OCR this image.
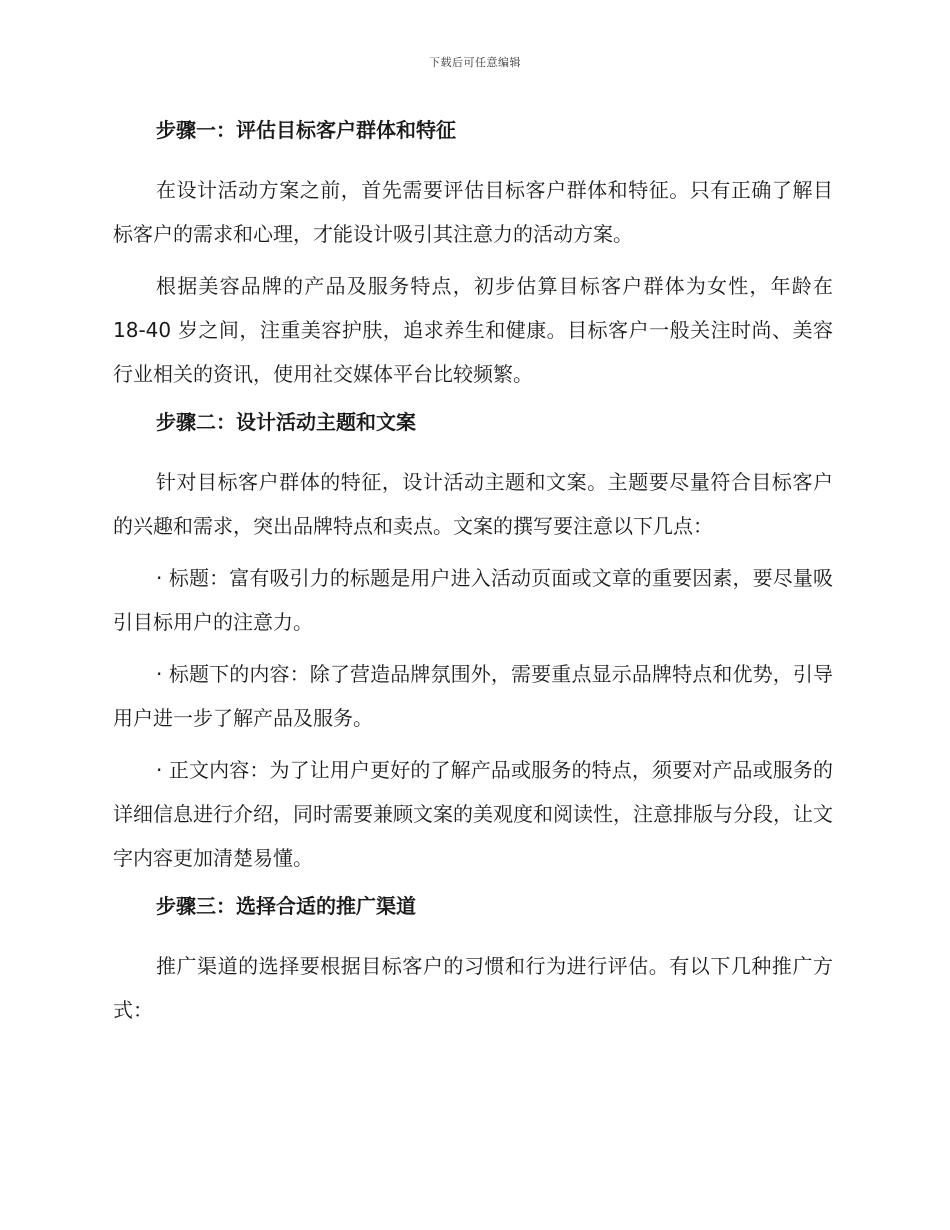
下载后可任意编辑
步骤一：评估目标客户群体和特征

在设计活动方案之前，首先需要评估目标客户群体和特征。只有正确了解目标客户的需求和心理，才能设计吸引其注意力的活动方案。

根据美容品牌的产品及服务特点，初步估算目标客户群体为女性，年龄在 18-40 岁之间，注重美容护肤，追求养生和健康。目标客户一般关注时尚、美容行业相关的资讯，使用社交媒体平台比较频繁。

步骤二：设计活动主题和文案

针对目标客户群体的特征，设计活动主题和文案。主题要尽量符合目标客户的兴趣和需求，突出品牌特点和卖点。文案的撰写要注意以下几点：

· 标题：富有吸引力的标题是用户进入活动页面或文章的重要因素，要尽量吸引目标用户的注意力。

· 标题下的内容：除了营造品牌氛围外，需要重点显示品牌特点和优势，引导用户进一步了解产品及服务。

· 正文内容：为了让用户更好的了解产品或服务的特点，须要对产品或服务的详细信息进行介绍，同时需要兼顾文案的美观度和阅读性，注意排版与分段，让文字内容更加清楚易懂。

步骤三：选择合适的推广渠道

推广渠道的选择要根据目标客户的习惯和行为进行评估。有以下几种推广方式：
